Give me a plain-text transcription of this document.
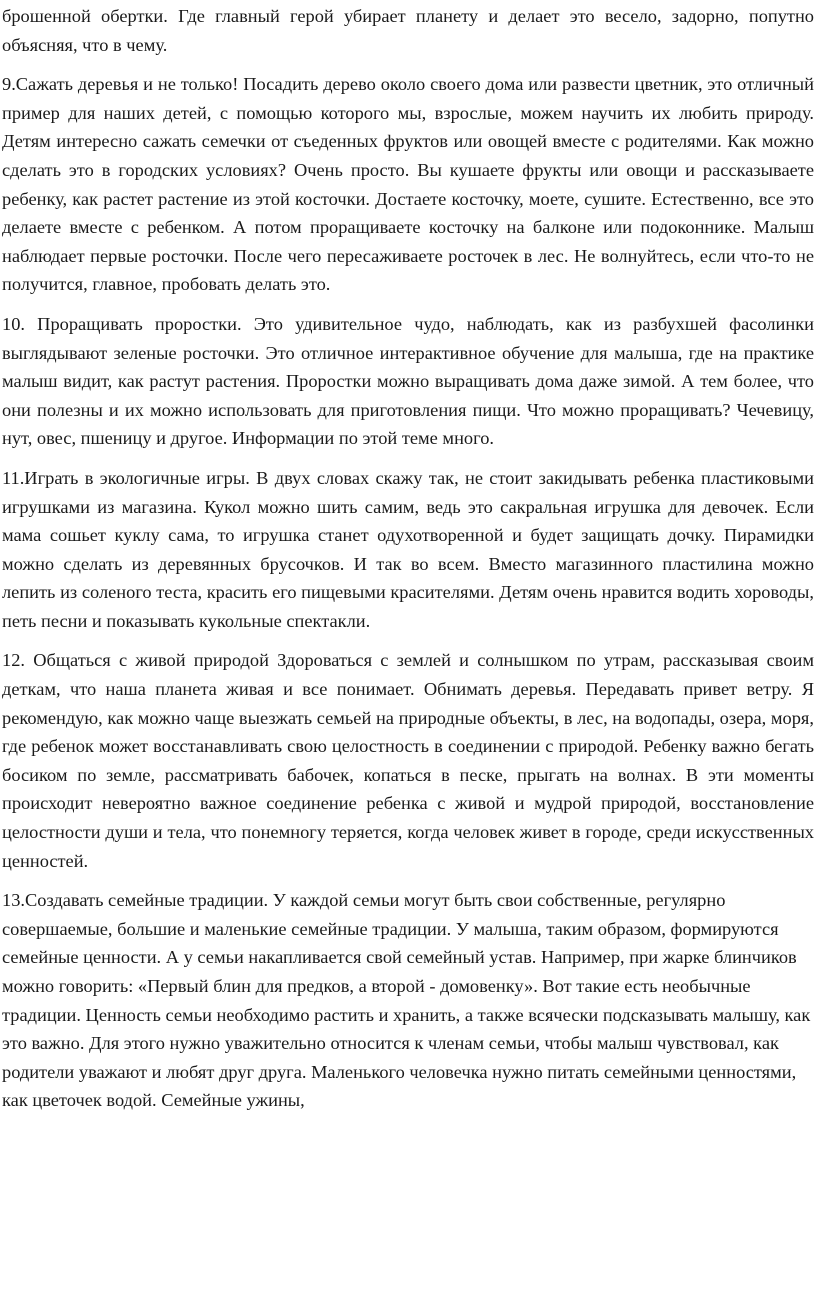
брошенной обертки. Где главный герой убирает планету и делает это весело, задорно, попутно объясняя, что в чему.

9.Сажать деревья и не только! Посадить дерево около своего дома или развести цветник, это отличный пример для наших детей, с помощью которого мы, взрослые, можем научить их любить природу. Детям интересно сажать семечки от съеденных фруктов или овощей вместе с родителями. Как можно сделать это в городских условиях? Очень просто. Вы кушаете фрукты или овощи и рассказываете ребенку, как растет растение из этой косточки. Достаете косточку, моете, сушите. Естественно, все это делаете вместе с ребенком. А потом проращиваете косточку на балконе или подоконнике. Малыш наблюдает первые росточки. После чего пересаживаете росточек в лес. Не волнуйтесь, если что-то не получится, главное, пробовать делать это.

10. Проращивать проростки. Это удивительное чудо, наблюдать, как из разбухшей фасолинки выглядывают зеленые росточки. Это отличное интерактивное обучение для малыша, где на практике малыш видит, как растут растения. Проростки можно выращивать дома даже зимой. А тем более, что они полезны и их можно использовать для приготовления пищи. Что можно проращивать? Чечевицу, нут, овес, пшеницу и другое. Информации по этой теме много.

11.Играть в экологичные игры. В двух словах скажу так, не стоит закидывать ребенка пластиковыми игрушками из магазина. Кукол можно шить самим, ведь это сакральная игрушка для девочек. Если мама сошьет куклу сама, то игрушка станет одухотворенной и будет защищать дочку. Пирамидки можно сделать из деревянных брусочков. И так во всем. Вместо магазинного пластилина можно лепить из соленого теста, красить его пищевыми красителями. Детям очень нравится водить хороводы, петь песни и показывать кукольные спектакли.

12. Общаться с живой природой Здороваться с землей и солнышком по утрам, рассказывая своим деткам, что наша планета живая и все понимает. Обнимать деревья. Передавать привет ветру. Я рекомендую, как можно чаще выезжать семьей на природные объекты, в лес, на водопады, озера, моря, где ребенок может восстанавливать свою целостность в соединении с природой. Ребенку важно бегать босиком по земле, рассматривать бабочек, копаться в песке, прыгать на волнах. В эти моменты происходит невероятно важное соединение ребенка с живой и мудрой природой, восстановление целостности души и тела, что понемногу теряется, когда человек живет в городе, среди искусственных ценностей.

13.Создавать семейные традиции. У каждой семьи могут быть свои собственные, регулярно совершаемые, большие и маленькие семейные традиции. У малыша, таким образом, формируются семейные ценности. А у семьи накапливается свой семейный устав. Например, при жарке блинчиков можно говорить: «Первый блин для предков, а второй - домовенку». Вот такие есть необычные традиции. Ценность семьи необходимо растить и хранить, а также всячески подсказывать малышу, как это важно. Для этого нужно уважительно относится к членам семьи, чтобы малыш чувствовал, как родители уважают и любят друг друга. Маленького человечка нужно питать семейными ценностями, как цветочек водой. Семейные ужины,
